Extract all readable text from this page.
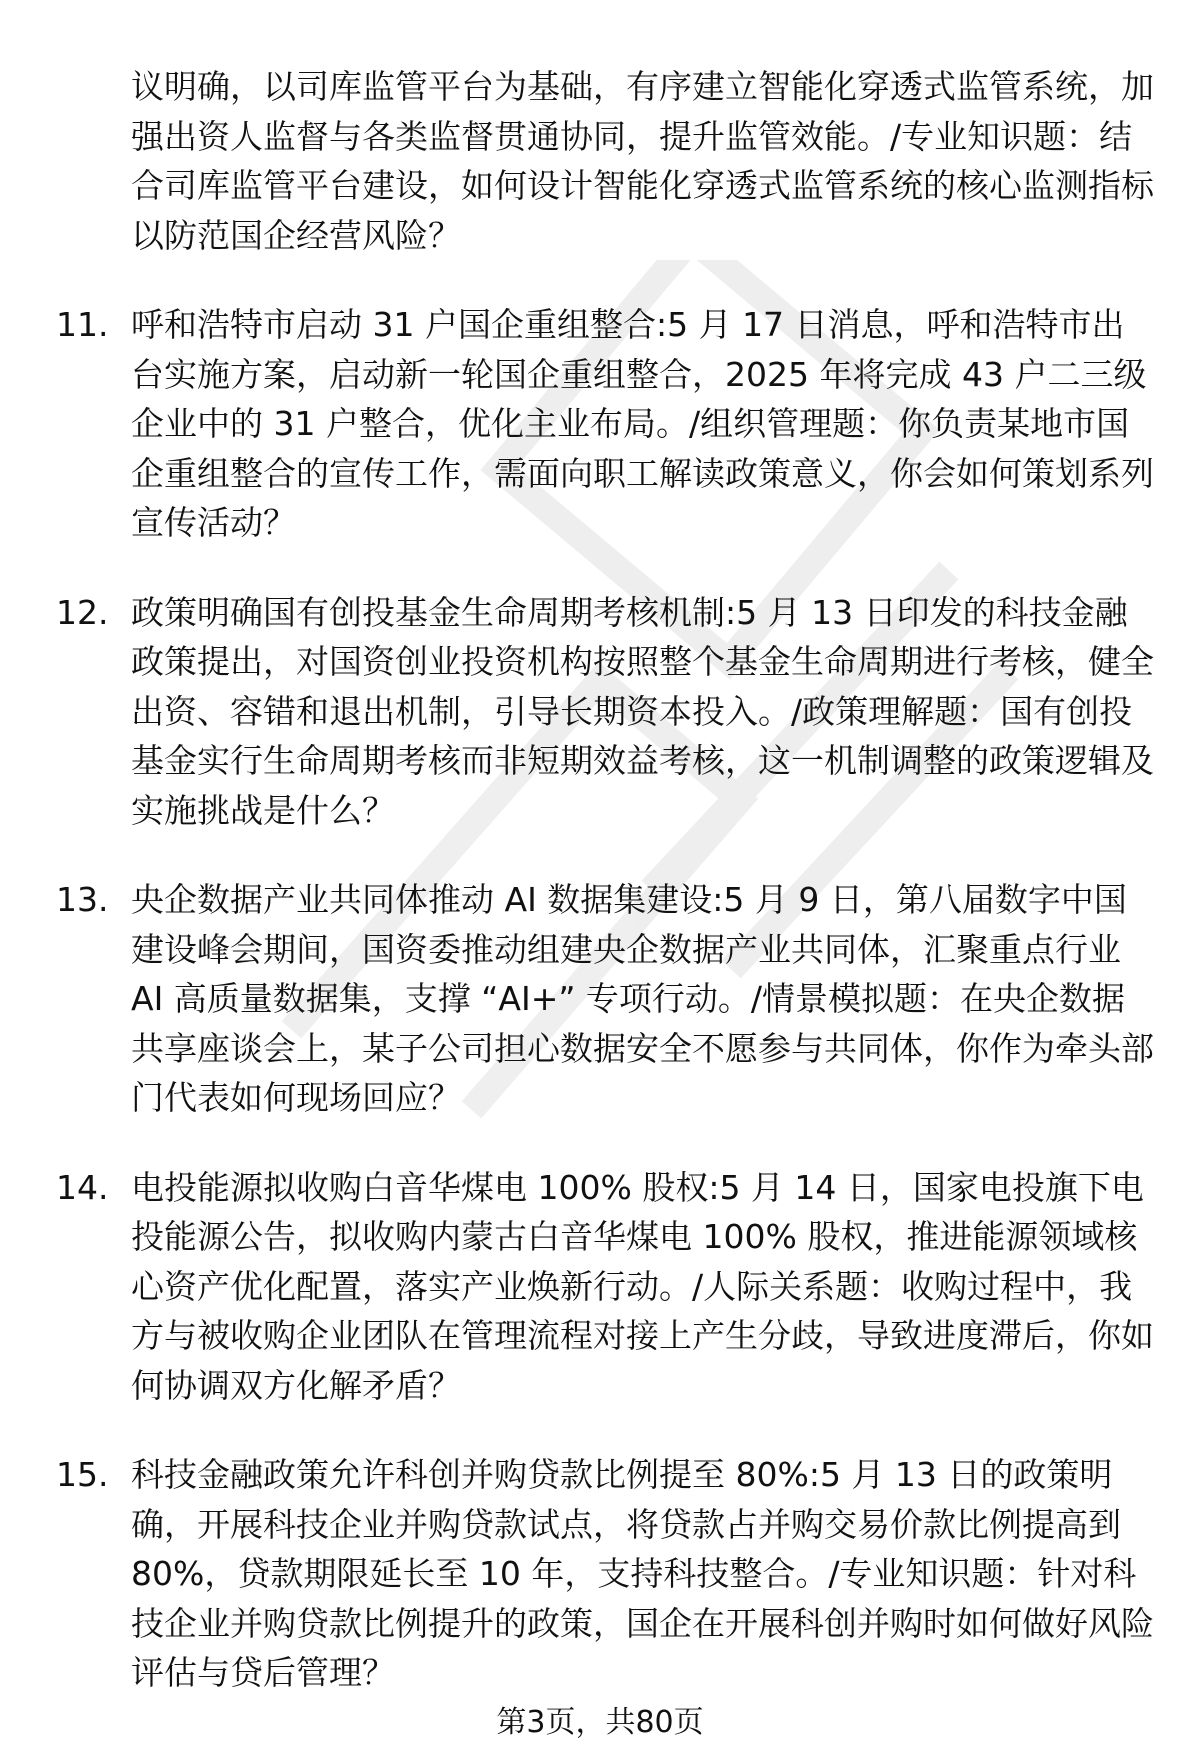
议明确，以司库监管平台为基础，有序建立智能化穿透式监管系统，加强出资人监督与各类监督贯通协同，提升监管效能。/专业知识题：结合司库监管平台建设，如何设计智能化穿透式监管系统的核心监测指标以防范国企经营风险？

11. 呼和浩特市启动 31 户国企重组整合:5 月 17 日消息，呼和浩特市出台实施方案，启动新一轮国企重组整合，2025 年将完成 43 户二三级企业中的 31 户整合，优化主业布局。/组织管理题：你负责某地市国企重组整合的宣传工作，需面向职工解读政策意义，你会如何策划系列宣传活动？
12. 政策明确国有创投基金生命周期考核机制:5 月 13 日印发的科技金融政策提出，对国资创业投资机构按照整个基金生命周期进行考核，健全出资、容错和退出机制，引导长期资本投入。/政策理解题：国有创投基金实行生命周期考核而非短期效益考核，这一机制调整的政策逻辑及实施挑战是什么？
13. 央企数据产业共同体推动 AI 数据集建设:5 月 9 日，第八届数字中国建设峰会期间，国资委推动组建央企数据产业共同体，汇聚重点行业 AI 高质量数据集，支撑 “AI+” 专项行动。/情景模拟题：在央企数据共享座谈会上，某子公司担心数据安全不愿参与共同体，你作为牵头部门代表如何现场回应？
14. 电投能源拟收购白音华煤电 100% 股权:5 月 14 日，国家电投旗下电投能源公告，拟收购内蒙古白音华煤电 100% 股权，推进能源领域核心资产优化配置，落实产业焕新行动。/人际关系题：收购过程中，我方与被收购企业团队在管理流程对接上产生分歧，导致进度滞后，你如何协调双方化解矛盾？
15. 科技金融政策允许科创并购贷款比例提至 80%:5 月 13 日的政策明确，开展科技企业并购贷款试点，将贷款占并购交易价款比例提高到 80%，贷款期限延长至 10 年，支持科技整合。/专业知识题：针对科技企业并购贷款比例提升的政策，国企在开展科创并购时如何做好风险评估与贷后管理？
第3页，共80页
